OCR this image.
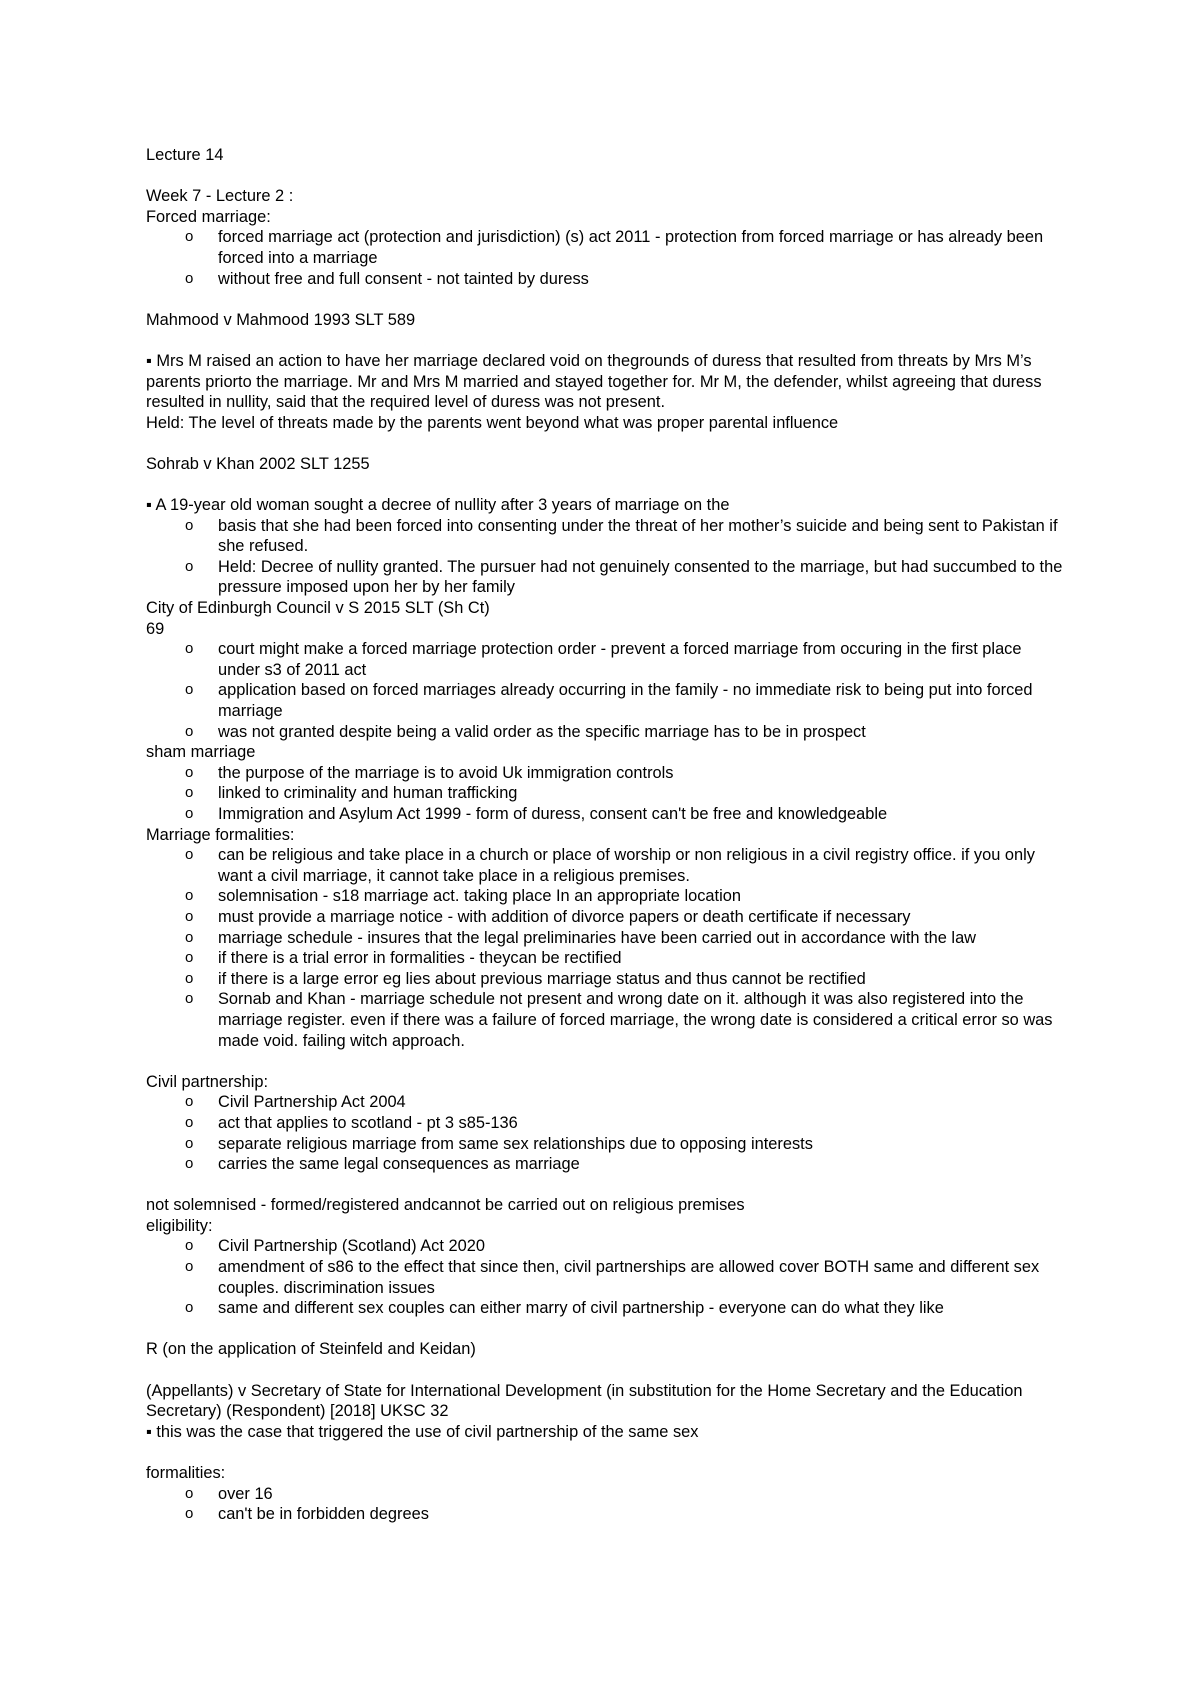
Lecture 14

Week 7 - Lecture 2 :

Forced marriage:

o forced marriage act (protection and jurisdiction) (s) act 2011 - protection from forced marriage or has already been forced into a marriage
o without free and full consent - not tainted by duress

Mahmood v Mahmood 1993 SLT 589

▪ Mrs M raised an action to have her marriage declared void on thegrounds of duress that resulted from threats by Mrs M’s parents priorto the marriage. Mr and Mrs M married and stayed together for. Mr M, the defender, whilst agreeing that duress resulted in nullity, said that the required level of duress was not present.

Held: The level of threats made by the parents went beyond what was proper parental influence

Sohrab v Khan 2002 SLT 1255

▪ A 19-year old woman sought a decree of nullity after 3 years of marriage on the

o basis that she had been forced into consenting under the threat of her mother’s suicide and being sent to Pakistan if she refused.
o Held: Decree of nullity granted. The pursuer had not genuinely consented to the marriage, but had succumbed to the pressure imposed upon her by her family

City of Edinburgh Council v S 2015 SLT (Sh Ct)

69

o court might make a forced marriage protection order - prevent a forced marriage from occuring in the first place under s3 of 2011 act
o application based on forced marriages already occurring in the family - no immediate risk to being put into forced marriage
o was not granted despite being a valid order as the specific marriage has to be in prospect

sham marriage

o the purpose of the marriage is to avoid Uk immigration controls
o linked to criminality and human trafficking
o Immigration and Asylum Act 1999 - form of duress, consent can't be free and knowledgeable

Marriage formalities:

o can be religious and take place in a church or place of worship or non religious in a civil registry office. if you only want a civil marriage, it cannot take place in a religious premises.
o solemnisation - s18 marriage act. taking place In an appropriate location
o must provide a marriage notice - with addition of divorce papers or death certificate if necessary
o marriage schedule - insures that the legal preliminaries have been carried out in accordance with the law
o if there is a trial error in formalities - theycan be rectified
o if there is a large error eg lies about previous marriage status and thus cannot be rectified
o Sornab and Khan - marriage schedule not present and wrong date on it. although it was also registered into the marriage register. even if there was a failure of forced marriage, the wrong date is considered a critical error so was made void. failing witch approach.

Civil partnership:

o Civil Partnership Act 2004
o act that applies to scotland - pt 3 s85-136
o separate religious marriage from same sex relationships due to opposing interests
o carries the same legal consequences as marriage

not solemnised - formed/registered andcannot be carried out on religious premises

eligibility:

o Civil Partnership (Scotland) Act 2020
o amendment of s86 to the effect that since then, civil partnerships are allowed cover BOTH same and different sex couples. discrimination issues
o same and different sex couples can either marry of civil partnership - everyone can do what they like

R (on the application of Steinfeld and Keidan)

(Appellants) v Secretary of State for International Development (in substitution for the Home Secretary and the Education Secretary) (Respondent) [2018] UKSC 32

▪ this was the case that triggered the use of civil partnership of the same sex

formalities:

o over 16
o can't be in forbidden degrees
